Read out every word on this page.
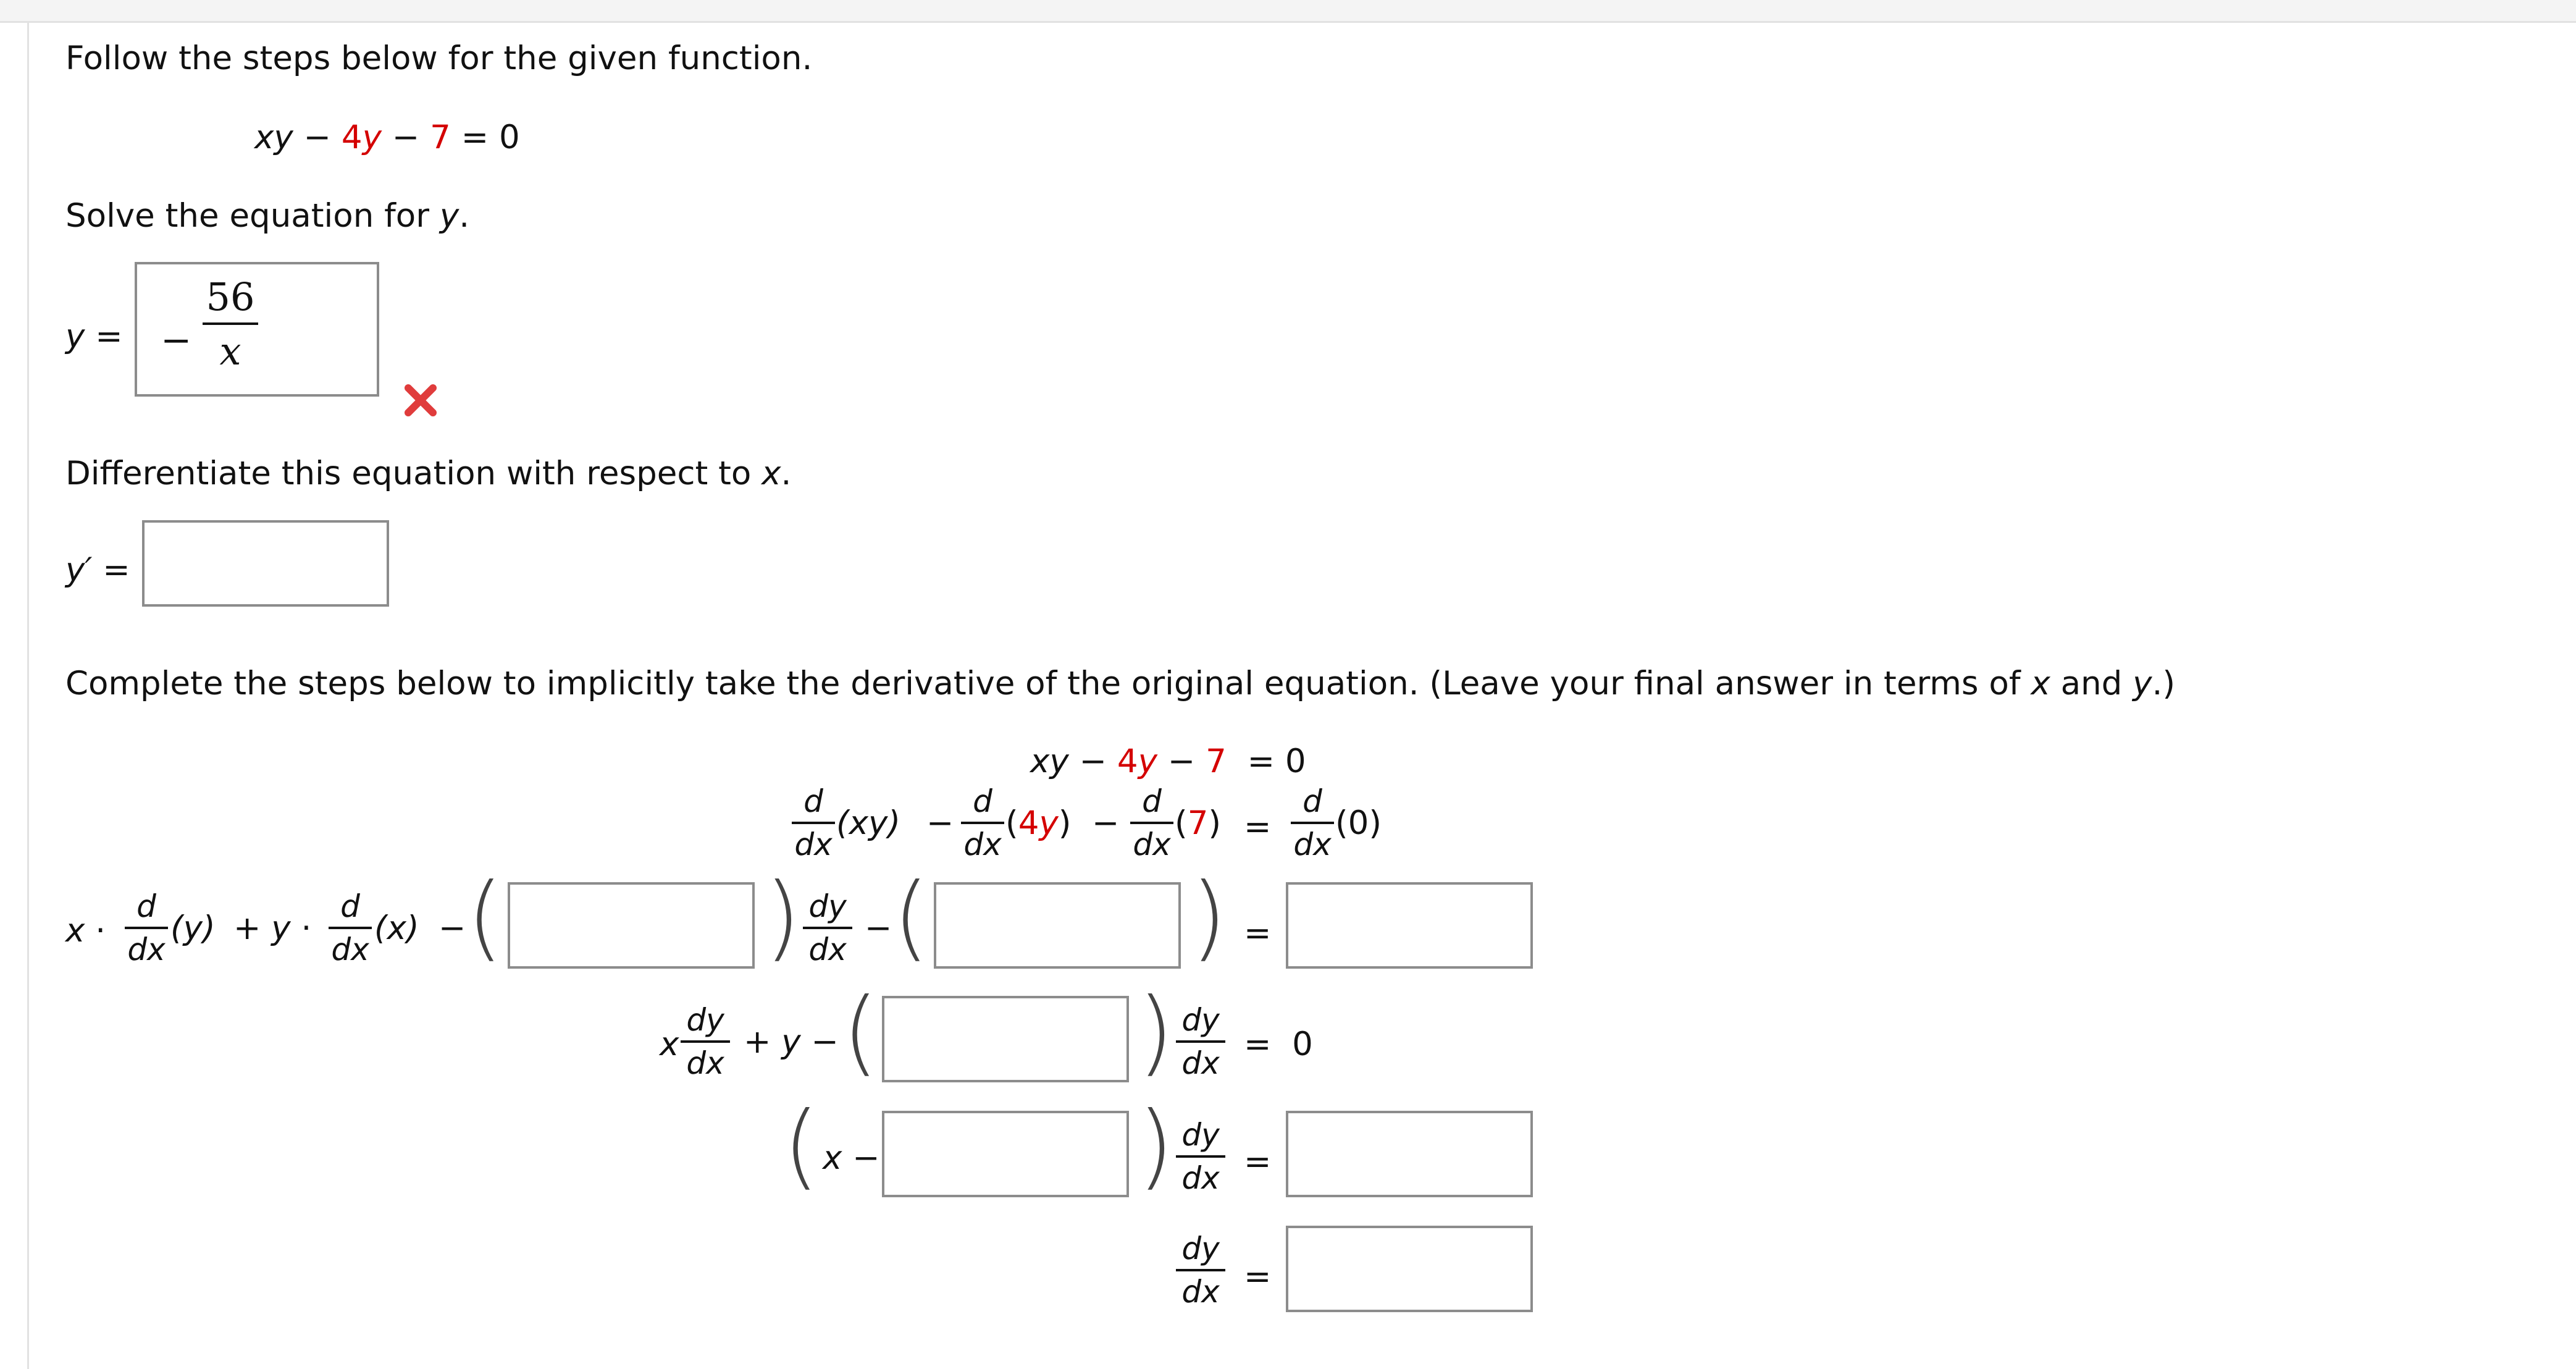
Follow the steps below for the given function.
xy − 4y − 7 = 0
Solve the equation for y.
y = −
56
x
Differentiate this equation with respect to x.
y′ =
Complete the steps below to implicitly take the derivative of the original equation. (Leave your final answer in terms of x and y.)
xy − 4y − 7 = 0
d
dx
(xy) −
d
dx
(4y) −
d
dx
(7) =
d
dx
(0)
x ·
d
dx
(y) + y ·
d
dx
(x) − (	) dy
dx
− (	) =
x
dy
dx
+ y − (	) dy
dx = 0
( x −	) dy
dx =
dy
dx =
